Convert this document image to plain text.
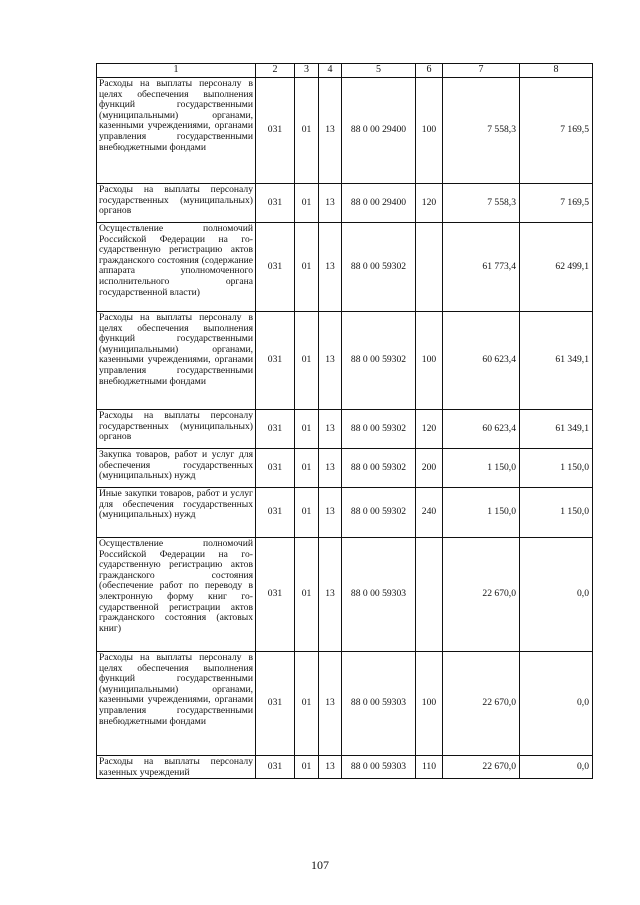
1	2	3	4	5	6	7	8
Расходы на выплаты персоналу в целях обеспечения выполнения функций государственными (муниципальными) органами, казенными учреждениями, органами управления государственными внебюджетными фондами	031	01	13	88 0 00 29400	100	7 558,3	7 169,5
Расходы на выплаты персоналу государственных (муниципальных) органов	031	01	13	88 0 00 29400	120	7 558,3	7 169,5
Осуществление полномочий Российской Федерации на государственную регистрацию актов гражданского состояния (содержание аппарата уполномоченного исполнительного органа государственной власти)	031	01	13	88 0 00 59302		61 773,4	62 499,1
Расходы на выплаты персоналу в целях обеспечения выполнения функций государственными (муниципальными) органами, казенными учреждениями, органами управления государственными внебюджетными фондами	031	01	13	88 0 00 59302	100	60 623,4	61 349,1
Расходы на выплаты персоналу государственных (муниципальных) органов	031	01	13	88 0 00 59302	120	60 623,4	61 349,1
Закупка товаров, работ и услуг для обеспечения государственных (муниципальных) нужд	031	01	13	88 0 00 59302	200	1 150,0	1 150,0
Иные закупки товаров, работ и услуг для обеспечения государственных (муниципальных) нужд	031	01	13	88 0 00 59302	240	1 150,0	1 150,0
Осуществление полномочий Российской Федерации на государственную регистрацию актов гражданского состояния (обеспечение работ по переводу в электронную форму книг государственной регистрации актов гражданского состояния (актовых книг)	031	01	13	88 0 00 59303		22 670,0	0,0
Расходы на выплаты персоналу в целях обеспечения выполнения функций государственными (муниципальными) органами, казенными учреждениями, органами управления государственными внебюджетными фондами	031	01	13	88 0 00 59303	100	22 670,0	0,0
Расходы на выплаты персоналу казенных учреждений	031	01	13	88 0 00 59303	110	22 670,0	0,0
107
